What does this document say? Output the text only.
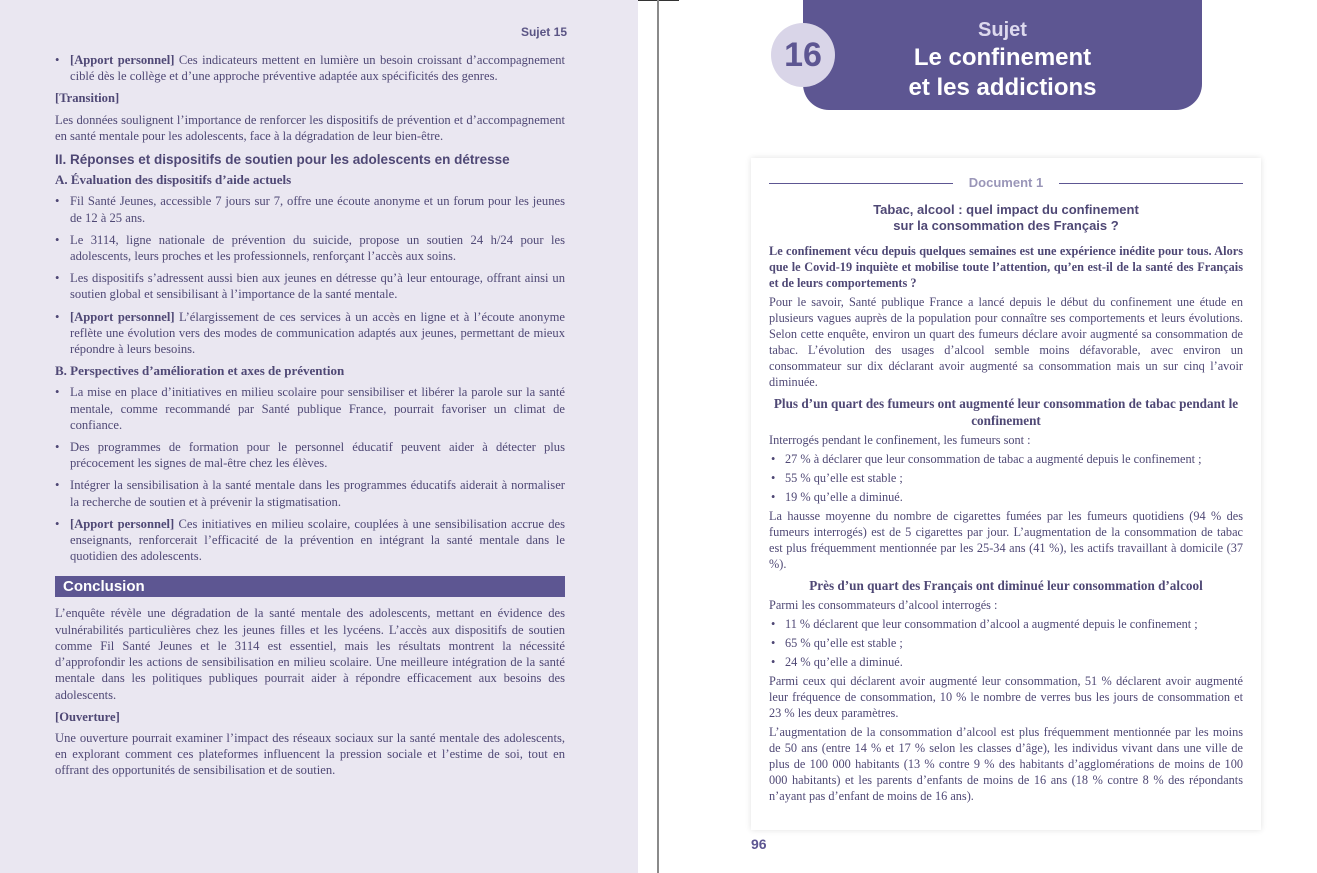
Sujet 15
• [Apport personnel] Ces indicateurs mettent en lumière un besoin croissant d’accompagnement ciblé dès le collège et d’une approche préventive adaptée aux spécificités des genres.
[Transition]

Les données soulignent l’importance de renforcer les dispositifs de prévention et d’accompagnement en santé mentale pour les adolescents, face à la dégradation de leur bien-être.

II. Réponses et dispositifs de soutien pour les adolescents en détresse
A. Évaluation des dispositifs d’aide actuels
• Fil Santé Jeunes, accessible 7 jours sur 7, offre une écoute anonyme et un forum pour les jeunes de 12 à 25 ans.
• Le 3114, ligne nationale de prévention du suicide, propose un soutien 24 h/24 pour les adolescents, leurs proches et les professionnels, renforçant l’accès aux soins.
• Les dispositifs s’adressent aussi bien aux jeunes en détresse qu’à leur entourage, offrant ainsi un soutien global et sensibilisant à l’importance de la santé mentale.
• [Apport personnel] L’élargissement de ces services à un accès en ligne et à l’écoute anonyme reflète une évolution vers des modes de communication adaptés aux jeunes, permettant de mieux répondre à leurs besoins.
B. Perspectives d’amélioration et axes de prévention
• La mise en place d’initiatives en milieu scolaire pour sensibiliser et libérer la parole sur la santé mentale, comme recommandé par Santé publique France, pourrait favoriser un climat de confiance.
• Des programmes de formation pour le personnel éducatif peuvent aider à détecter plus précocement les signes de mal-être chez les élèves.
• Intégrer la sensibilisation à la santé mentale dans les programmes éducatifs aiderait à normaliser la recherche de soutien et à prévenir la stigmatisation.
• [Apport personnel] Ces initiatives en milieu scolaire, couplées à une sensibilisation accrue des enseignants, renforcerait l’efficacité de la prévention en intégrant la santé mentale dans le quotidien des adolescents.
Conclusion

L’enquête révèle une dégradation de la santé mentale des adolescents, mettant en évidence des vulnérabilités particulières chez les jeunes filles et les lycéens. L’accès aux dispositifs de soutien comme Fil Santé Jeunes et le 3114 est essentiel, mais les résultats montrent la nécessité d’approfondir les actions de sensibilisation en milieu scolaire. Une meilleure intégration de la santé mentale dans les politiques publiques pourrait aider à répondre efficacement aux besoins des adolescents.

[Ouverture]

Une ouverture pourrait examiner l’impact des réseaux sociaux sur la santé mentale des adolescents, en explorant comment ces plateformes influencent la pression sociale et l’estime de soi, tout en offrant des opportunités de sensibilisation et de soutien.

Sujet
Le confinement
et les addictions
16
Document 1
Tabac, alcool : quel impact du confinement
sur la consommation des Français ?

Le confinement vécu depuis quelques semaines est une expérience inédite pour tous. Alors que le Covid-19 inquiète et mobilise toute l’attention, qu’en est-il de la santé des Français et de leurs comportements ?

Pour le savoir, Santé publique France a lancé depuis le début du confinement une étude en plusieurs vagues auprès de la population pour connaître ses comportements et leurs évolutions. Selon cette enquête, environ un quart des fumeurs déclare avoir augmenté sa consommation de tabac. L’évolution des usages d’alcool semble moins défavorable, avec environ un consommateur sur dix déclarant avoir augmenté sa consommation mais un sur cinq l’avoir diminuée.

Plus d’un quart des fumeurs ont augmenté leur consommation de tabac pendant le confinement

Interrogés pendant le confinement, les fumeurs sont :

• 27 % à déclarer que leur consommation de tabac a augmenté depuis le confinement ;
• 55 % qu’elle est stable ;
• 19 % qu’elle a diminué.

La hausse moyenne du nombre de cigarettes fumées par les fumeurs quotidiens (94 % des fumeurs interrogés) est de 5 cigarettes par jour. L’augmentation de la consommation de tabac est plus fréquemment mentionnée par les 25-34 ans (41 %), les actifs travaillant à domicile (37 %).

Près d’un quart des Français ont diminué leur consommation d’alcool

Parmi les consommateurs d’alcool interrogés :

• 11 % déclarent que leur consommation d’alcool a augmenté depuis le confinement ;
• 65 % qu’elle est stable ;
• 24 % qu’elle a diminué.

Parmi ceux qui déclarent avoir augmenté leur consommation, 51 % déclarent avoir augmenté leur fréquence de consommation, 10 % le nombre de verres bus les jours de consommation et 23 % les deux paramètres.

L’augmentation de la consommation d’alcool est plus fréquemment mentionnée par les moins de 50 ans (entre 14 % et 17 % selon les classes d’âge), les individus vivant dans une ville de plus de 100 000 habitants (13 % contre 9 % des habitants d’agglomérations de moins de 100 000 habitants) et les parents d’enfants de moins de 16 ans (18 % contre 8 % des répondants n’ayant pas d’enfant de moins de 16 ans).

96
